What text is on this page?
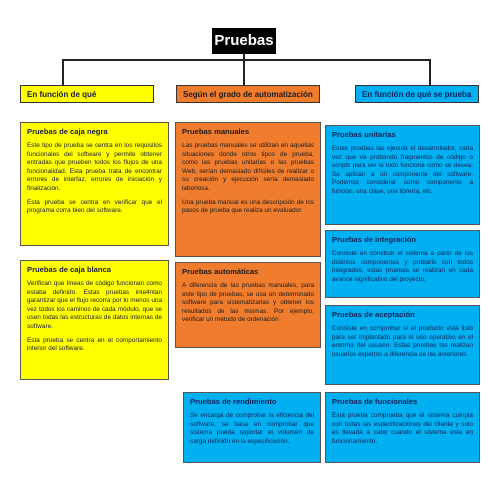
Pruebas
En función de qué	Según el grado de automatización	En función de qué se prueba
Pruebas de caja negra
Este tipo de prueba se centra en los requisitos funcionales del software y permite obtener entradas que prueben todos los flujos de una funcionalidad. Esta prueba trata de encontrar errores de interfaz, errores de iniciación y finalización.
Esta prueba se centra en verificar que el programa corra bien del software.
Pruebas de caja blanca
Verifican que líneas de código funcionan como estaba definido. Estas pruebas inte4ntan garantizar que el flujo recorra por lo menos una vez todos los caminos de cada módulo, que se usen todas las estructuras de datos internas de software.
Esta prueba se centra en el comportamiento interior del software.
Pruebas manuales
Las pruebas manuales se utilizan en aquellas situaciones donde otros tipos de prueba, como las pruebas unitarias o las pruebas Web, serían demasiado difíciles de realizar o su creación y ejecución sería demasiado laboriosa.
Una prueba manual es una descripción de los pasos de prueba que realiza un evaluador.
Pruebas automáticas
A diferencia de las pruebas manuales, para este tipo de pruebas, se usa un determinado software para sistematizarlas y obtener los resultados de las mismas. Por ejemplo, verificar un método de ordenación
Pruebas unitarias
Estas pruebas las ejecuta el desarrollador, cada vez que va probando fragmentos de código o scripts para ver si todo funciona como se desea. Se aplican a un componente del software. Podemos considerar como componente a función, una clase, una librería, etc.
Pruebas de integración
Consiste en construir el sistema a partir de los distintos componentes y probarlo con todos integrados, estas pruebas se realizan en cada avance significativo del proyecto.
Pruebas de aceptación
Consiste en comprobar si el producto está listo para ser implantado para el uso operativo en el entorno del usuario. Estas pruebas las realizan usuarios expertos a diferencia de las anteriores.
Pruebas de rendimiento
Se encarga de comprobar la eficiencia del software, se basa en comprobar que sistema pueda soportar el volumen de carga definido en la especificación.
Pruebas de funcionales
Esta prueba comprueba que el sistema cumpla con todas las especificaciones del cliente y solo es llevada a cabo cuando el sistema este en funcionamiento.
